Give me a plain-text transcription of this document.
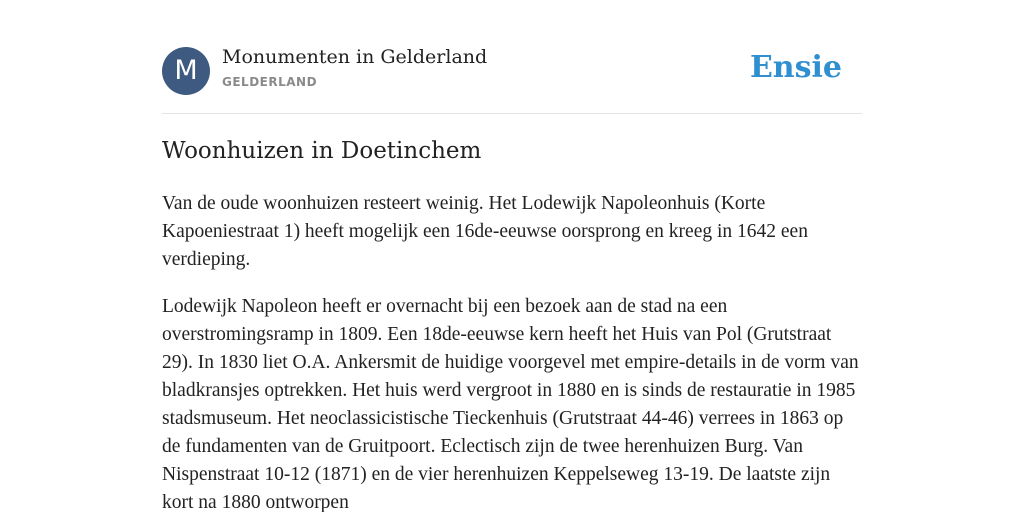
M	Monumenten in Gelderland
GELDERLAND	Ensie
Woonhuizen in Doetinchem

Van de oude woonhuizen resteert weinig. Het Lodewijk Napoleonhuis (Korte Kapoeniestraat 1) heeft mogelijk een 16de-eeuwse oorsprong en kreeg in 1642 een verdieping.

Lodewijk Napoleon heeft er overnacht bij een bezoek aan de stad na een overstromingsramp in 1809. Een 18de-eeuwse kern heeft het Huis van Pol (Grutstraat 29). In 1830 liet O.A. Ankersmit de huidige voorgevel met empire-details in de vorm van bladkransjes optrekken. Het huis werd vergroot in 1880 en is sinds de restauratie in 1985 stadsmuseum. Het neoclassicistische Tieckenhuis (Grutstraat 44-46) verrees in 1863 op de fundamenten van de Gruitpoort. Eclectisch zijn de twee herenhuizen Burg. Van Nispenstraat 10-12 (1871) en de vier herenhuizen Keppelseweg 13-19. De laatste zijn kort na 1880 ontworpen
